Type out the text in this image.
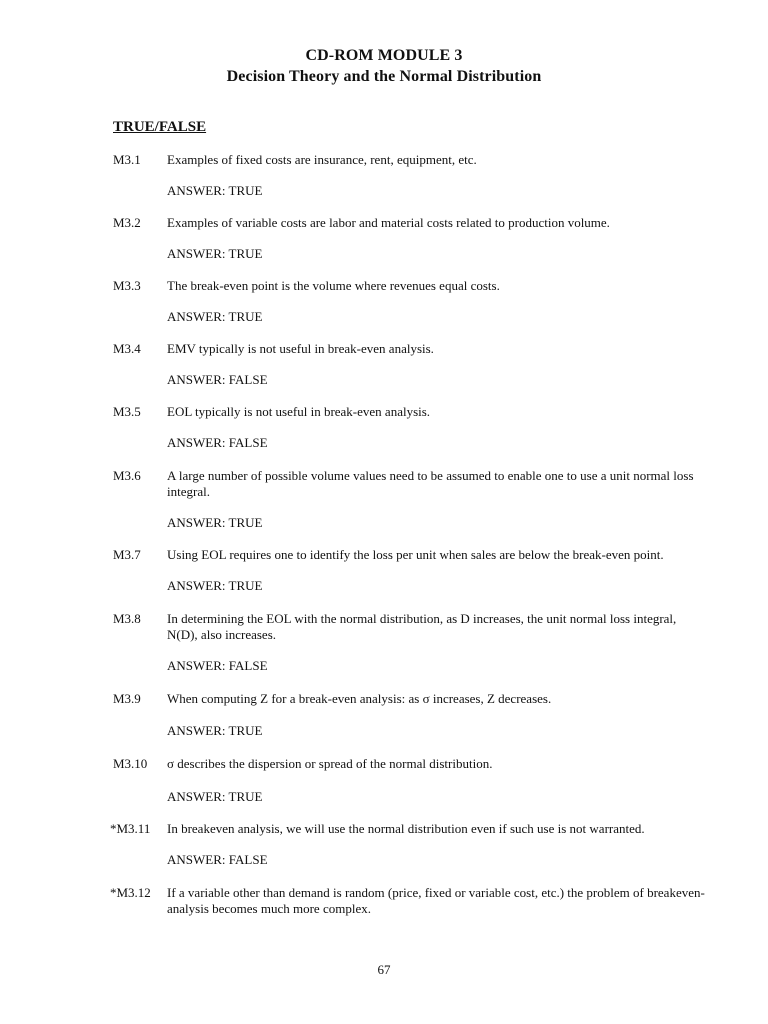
CD-ROM MODULE 3
Decision Theory and the Normal Distribution
TRUE/FALSE
M3.1	Examples of fixed costs are insurance, rent, equipment, etc.
ANSWER: TRUE
M3.2	Examples of variable costs are labor and material costs related to production volume.
ANSWER: TRUE
M3.3	The break-even point is the volume where revenues equal costs.
ANSWER: TRUE
M3.4	EMV typically is not useful in break-even analysis.
ANSWER: FALSE
M3.5	EOL typically is not useful in break-even analysis.
ANSWER: FALSE
M3.6	A large number of possible volume values need to be assumed to enable one to use a unit normal loss integral.
ANSWER: TRUE
M3.7	Using EOL requires one to identify the loss per unit when sales are below the break-even point.
ANSWER: TRUE
M3.8	In determining the EOL with the normal distribution, as D increases, the unit normal loss integral, N(D), also increases.
ANSWER: FALSE
M3.9	When computing Z for a break-even analysis: as σ increases, Z decreases.
ANSWER: TRUE
M3.10	σ describes the dispersion or spread of the normal distribution.
ANSWER: TRUE
*M3.11	In breakeven analysis, we will use the normal distribution even if such use is not warranted.
ANSWER: FALSE
*M3.12	If a variable other than demand is random (price, fixed or variable cost, etc.) the problem of breakeven-analysis becomes much more complex.
67
